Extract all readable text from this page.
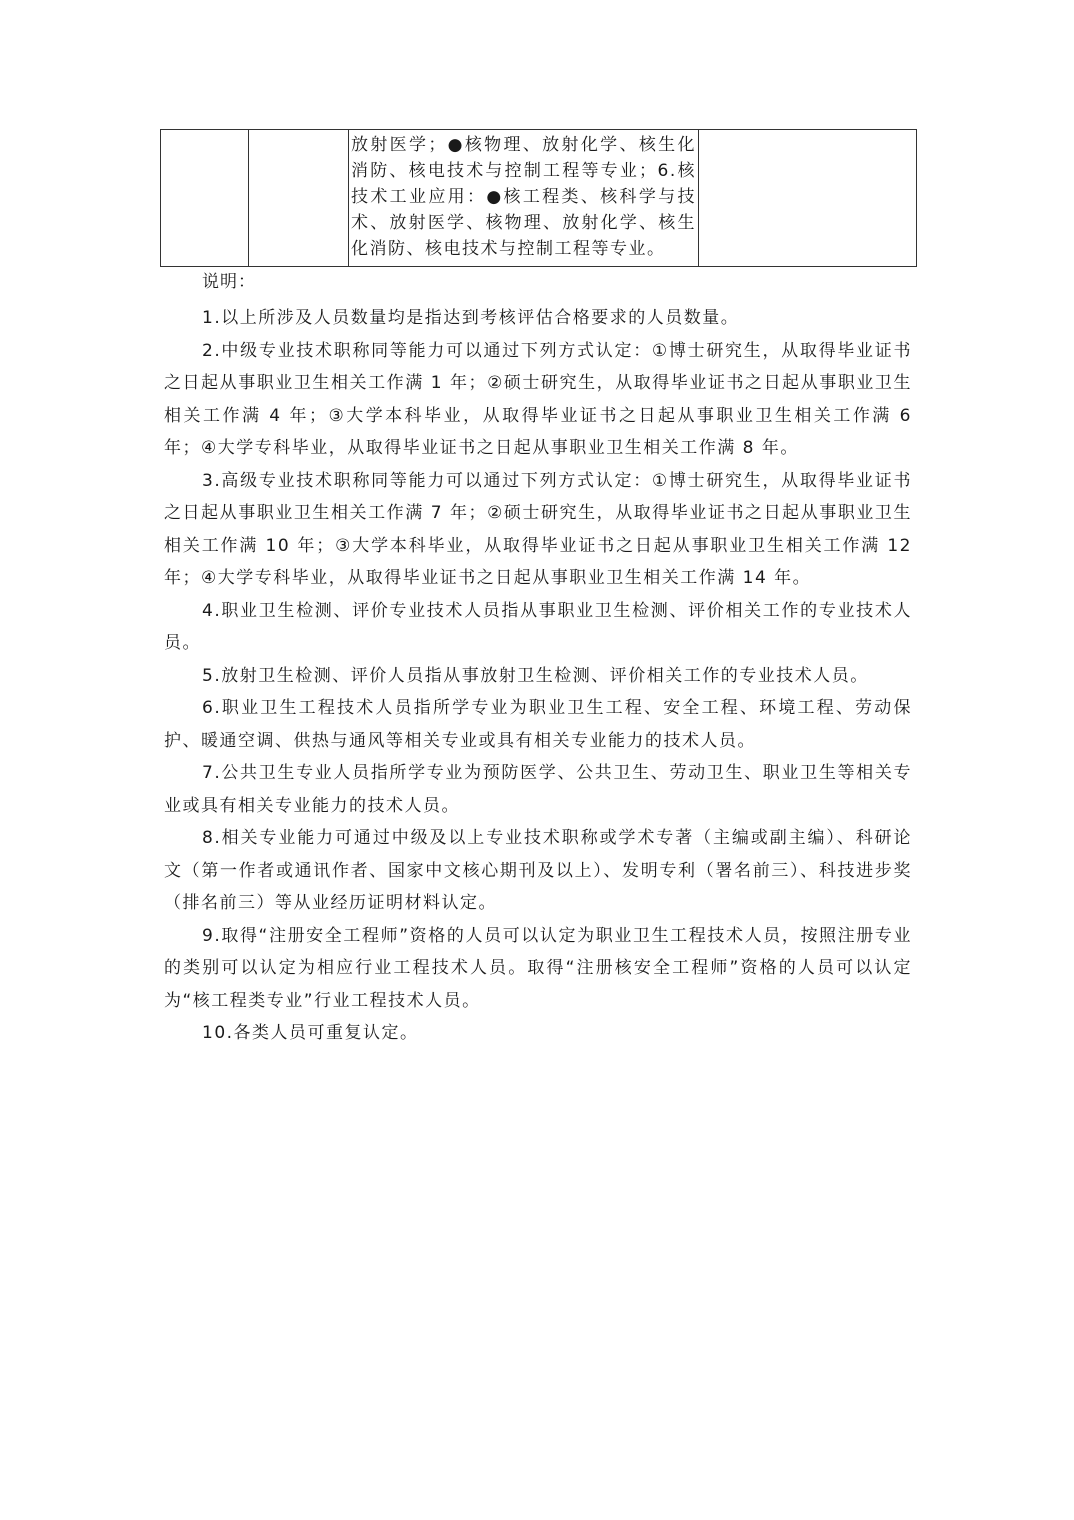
放射医学；●核物理、放射化学、核生化消防、核电技术与控制工程等专业；6.核技术工业应用：●核工程类、核科学与技术、放射医学、核物理、放射化学、核生化消防、核电技术与控制工程等专业。

说明：

1.以上所涉及人员数量均是指达到考核评估合格要求的人员数量。

2.中级专业技术职称同等能力可以通过下列方式认定：①博士研究生，从取得毕业证书之日起从事职业卫生相关工作满 1 年；②硕士研究生，从取得毕业证书之日起从事职业卫生相关工作满 4 年；③大学本科毕业，从取得毕业证书之日起从事职业卫生相关工作满 6 年；④大学专科毕业，从取得毕业证书之日起从事职业卫生相关工作满 8 年。

3.高级专业技术职称同等能力可以通过下列方式认定：①博士研究生，从取得毕业证书之日起从事职业卫生相关工作满 7 年；②硕士研究生，从取得毕业证书之日起从事职业卫生相关工作满 10 年；③大学本科毕业，从取得毕业证书之日起从事职业卫生相关工作满 12 年；④大学专科毕业，从取得毕业证书之日起从事职业卫生相关工作满 14 年。

4.职业卫生检测、评价专业技术人员指从事职业卫生检测、评价相关工作的专业技术人员。

5.放射卫生检测、评价人员指从事放射卫生检测、评价相关工作的专业技术人员。

6.职业卫生工程技术人员指所学专业为职业卫生工程、安全工程、环境工程、劳动保护、暖通空调、供热与通风等相关专业或具有相关专业能力的技术人员。

7.公共卫生专业人员指所学专业为预防医学、公共卫生、劳动卫生、职业卫生等相关专业或具有相关专业能力的技术人员。

8.相关专业能力可通过中级及以上专业技术职称或学术专著（主编或副主编）、科研论文（第一作者或通讯作者、国家中文核心期刊及以上）、发明专利（署名前三）、科技进步奖（排名前三）等从业经历证明材料认定。

9.取得“注册安全工程师”资格的人员可以认定为职业卫生工程技术人员，按照注册专业的类别可以认定为相应行业工程技术人员。取得“注册核安全工程师”资格的人员可以认定为“核工程类专业”行业工程技术人员。

10.各类人员可重复认定。
